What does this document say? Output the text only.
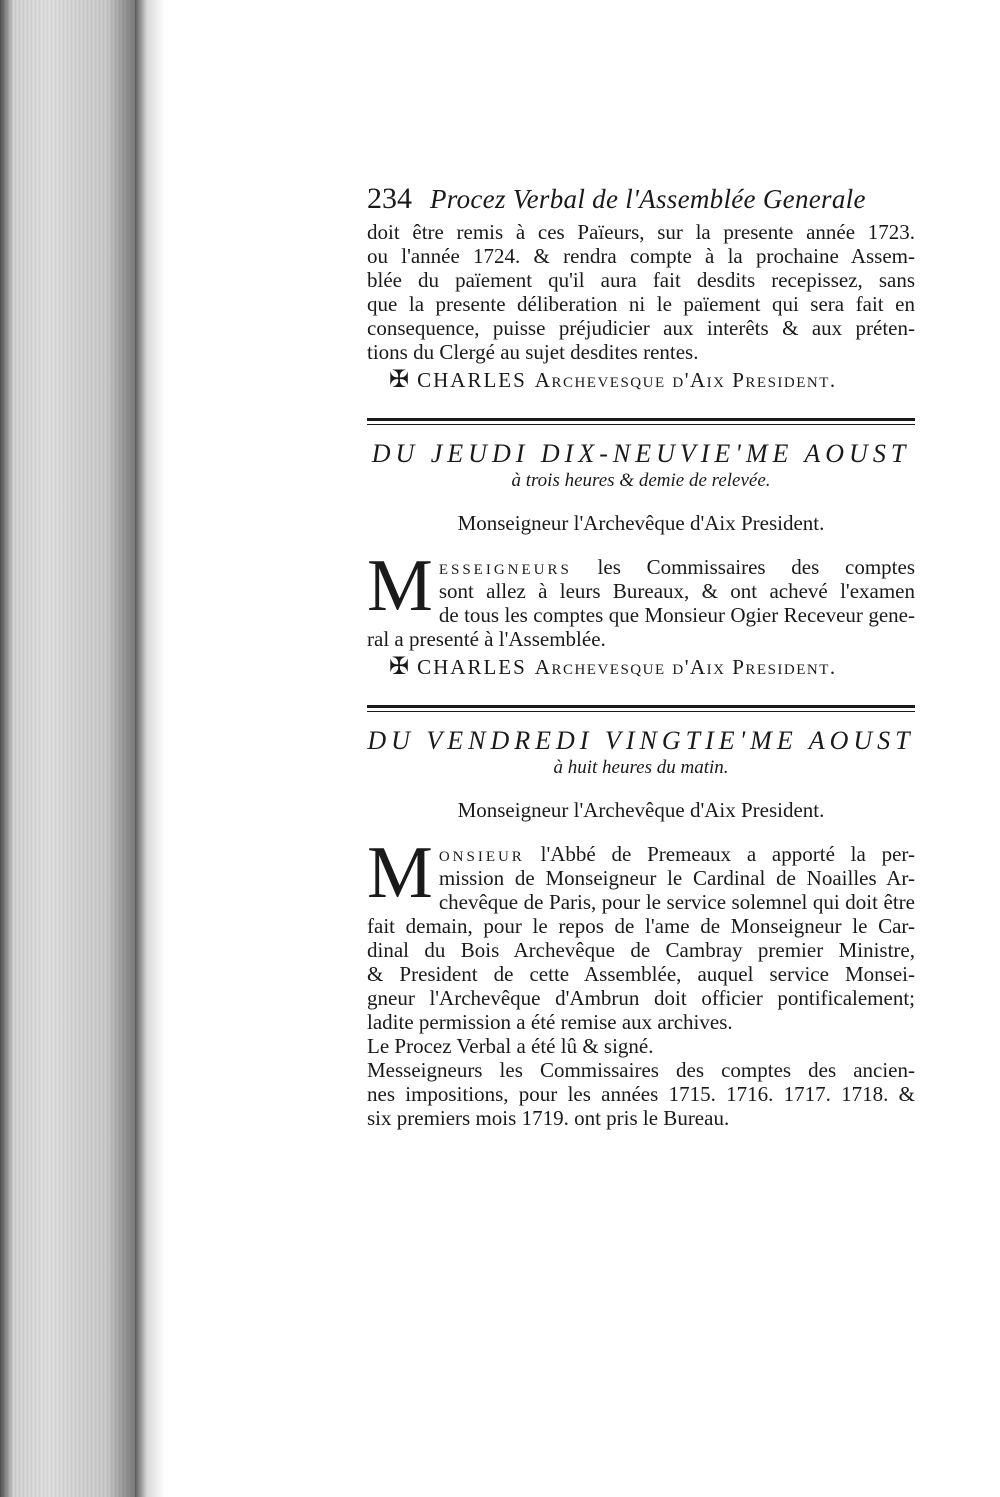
234 Procez Verbal de l'Assemblée Generale

doit être remis à ces Païeurs, sur la presente année 1723.
ou l'année 1724. & rendra compte à la prochaine Assem-
blée du païement qu'il aura fait desdits recepissez, sans
que la presente déliberation ni le païement qui sera fait en
consequence, puisse préjudicier aux interêts & aux préten-
tions du Clergé au sujet desdites rentes.

✠ CHARLES Archevesque d'Aix President.
DU JEUDI DIX-NEUVIE'ME AOUST
à trois heures & demie de relevée.
Monseigneur l'Archevêque d'Aix President.
M esseigneurs les Commissaires des comptes
sont allez à leurs Bureaux, & ont achevé l'examen
de tous les comptes que Monsieur Ogier Receveur gene-
ral a presenté à l'Assemblée.
✠ CHARLES Archevesque d'Aix President.
DU VENDREDI VINGTIE'ME AOUST
à huit heures du matin.
Monseigneur l'Archevêque d'Aix President.
M onsieur l'Abbé de Premeaux a apporté la per-
mission de Monseigneur le Cardinal de Noailles Ar-
chevêque de Paris, pour le service solemnel qui doit être
fait demain, pour le repos de l'ame de Monseigneur le Car-
dinal du Bois Archevêque de Cambray premier Ministre,
& President de cette Assemblée, auquel service Monsei-
gneur l'Archevêque d'Ambrun doit officier pontificalement;
ladite permission a été remise aux archives.
Le Procez Verbal a été lû & signé.
Messeigneurs les Commissaires des comptes des ancien-
nes impositions, pour les années 1715. 1716. 1717. 1718. &
six premiers mois 1719. ont pris le Bureau.
